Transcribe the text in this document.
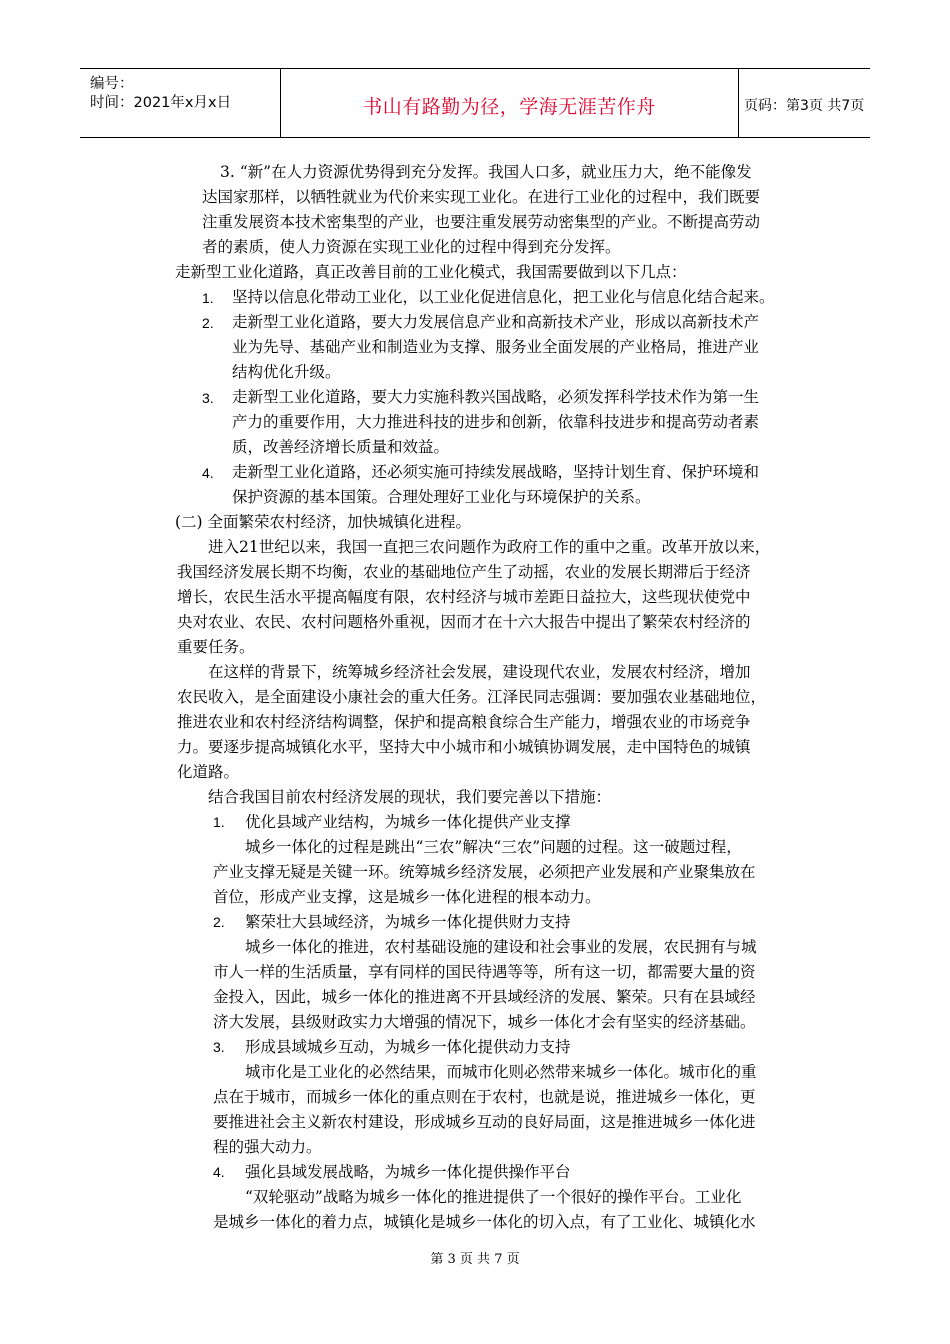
编号：
时间：2021年x月x日	书山有路勤为径，学海无涯苦作舟	页码：第3页 共7页
3. “新”在人力资源优势得到充分发挥。我国人口多，就业压力大，绝不能像发
达国家那样，以牺牲就业为代价来实现工业化。在进行工业化的过程中，我们既要
注重发展资本技术密集型的产业，也要注重发展劳动密集型的产业。不断提高劳动
者的素质，使人力资源在实现工业化的过程中得到充分发挥。
走新型工业化道路，真正改善目前的工业化模式，我国需要做到以下几点：
1. 坚持以信息化带动工业化，以工业化促进信息化，把工业化与信息化结合起来。
2. 走新型工业化道路，要大力发展信息产业和高新技术产业，形成以高新技术产
业为先导、基础产业和制造业为支撑、服务业全面发展的产业格局，推进产业
结构优化升级。
3. 走新型工业化道路，要大力实施科教兴国战略，必须发挥科学技术作为第一生
产力的重要作用，大力推进科技的进步和创新，依靠科技进步和提高劳动者素
质，改善经济增长质量和效益。
4. 走新型工业化道路，还必须实施可持续发展战略，坚持计划生育、保护环境和
保护资源的基本国策。合理处理好工业化与环境保护的关系。
(二) 全面繁荣农村经济，加快城镇化进程。
进入21世纪以来，我国一直把三农问题作为政府工作的重中之重。改革开放以来，
我国经济发展长期不均衡，农业的基础地位产生了动摇，农业的发展长期滞后于经济
增长，农民生活水平提高幅度有限，农村经济与城市差距日益拉大，这些现状使党中
央对农业、农民、农村问题格外重视，因而才在十六大报告中提出了繁荣农村经济的
重要任务。
在这样的背景下，统筹城乡经济社会发展，建设现代农业，发展农村经济，增加
农民收入，是全面建设小康社会的重大任务。江泽民同志强调：要加强农业基础地位，
推进农业和农村经济结构调整，保护和提高粮食综合生产能力，增强农业的市场竞争
力。要逐步提高城镇化水平，坚持大中小城市和小城镇协调发展，走中国特色的城镇
化道路。
结合我国目前农村经济发展的现状，我们要完善以下措施：
1. 优化县域产业结构，为城乡一体化提供产业支撑
城乡一体化的过程是跳出“三农”解决“三农”问题的过程。这一破题过程，
产业支撑无疑是关键一环。统筹城乡经济发展，必须把产业发展和产业聚集放在
首位，形成产业支撑，这是城乡一体化进程的根本动力。
2. 繁荣壮大县域经济，为城乡一体化提供财力支持
城乡一体化的推进，农村基础设施的建设和社会事业的发展，农民拥有与城
市人一样的生活质量，享有同样的国民待遇等等，所有这一切，都需要大量的资
金投入，因此，城乡一体化的推进离不开县域经济的发展、繁荣。只有在县域经
济大发展，县级财政实力大增强的情况下，城乡一体化才会有坚实的经济基础。
3. 形成县域城乡互动，为城乡一体化提供动力支持
城市化是工业化的必然结果，而城市化则必然带来城乡一体化。城市化的重
点在于城市，而城乡一体化的重点则在于农村，也就是说，推进城乡一体化，更
要推进社会主义新农村建设，形成城乡互动的良好局面，这是推进城乡一体化进
程的强大动力。
4. 强化县域发展战略，为城乡一体化提供操作平台
“双轮驱动”战略为城乡一体化的推进提供了一个很好的操作平台。工业化
是城乡一体化的着力点，城镇化是城乡一体化的切入点，有了工业化、城镇化水
第 3 页 共 7 页
